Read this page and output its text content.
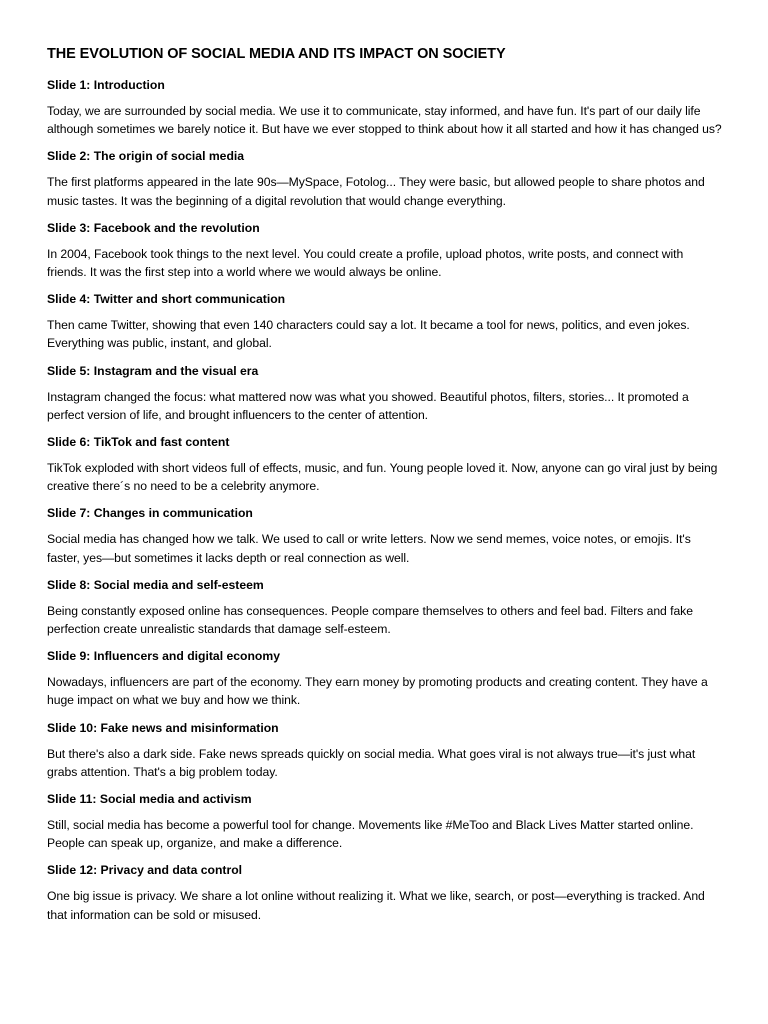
THE EVOLUTION OF SOCIAL MEDIA AND ITS IMPACT ON SOCIETY

Slide 1: Introduction

Today, we are surrounded by social media. We use it to communicate, stay informed, and have fun. It's part of our daily life although sometimes we barely notice it. But have we ever stopped to think about how it all started and how it has changed us?

Slide 2: The origin of social media

The first platforms appeared in the late 90s—MySpace, Fotolog... They were basic, but allowed people to share photos and music tastes. It was the beginning of a digital revolution that would change everything.

Slide 3: Facebook and the revolution

In 2004, Facebook took things to the next level. You could create a profile, upload photos, write posts, and connect with friends. It was the first step into a world where we would always be online.

Slide 4: Twitter and short communication

Then came Twitter, showing that even 140 characters could say a lot. It became a tool for news, politics, and even jokes. Everything was public, instant, and global.

Slide 5: Instagram and the visual era

Instagram changed the focus: what mattered now was what you showed. Beautiful photos, filters, stories... It promoted a perfect version of life, and brought influencers to the center of attention.

Slide 6: TikTok and fast content

TikTok exploded with short videos full of effects, music, and fun. Young people loved it. Now, anyone can go viral just by being creative there´s no need to be a celebrity anymore.

Slide 7: Changes in communication

Social media has changed how we talk. We used to call or write letters. Now we send memes, voice notes, or emojis. It's faster, yes—but sometimes it lacks depth or real connection as well.

Slide 8: Social media and self-esteem

Being constantly exposed online has consequences. People compare themselves to others and feel bad. Filters and fake perfection create unrealistic standards that damage self-esteem.

Slide 9: Influencers and digital economy

Nowadays, influencers are part of the economy. They earn money by promoting products and creating content. They have a huge impact on what we buy and how we think.

Slide 10: Fake news and misinformation

But there's also a dark side. Fake news spreads quickly on social media. What goes viral is not always true—it's just what grabs attention. That's a big problem today.

Slide 11: Social media and activism

Still, social media has become a powerful tool for change. Movements like #MeToo and Black Lives Matter started online. People can speak up, organize, and make a difference.

Slide 12: Privacy and data control

One big issue is privacy. We share a lot online without realizing it. What we like, search, or post—everything is tracked. And that information can be sold or misused.
